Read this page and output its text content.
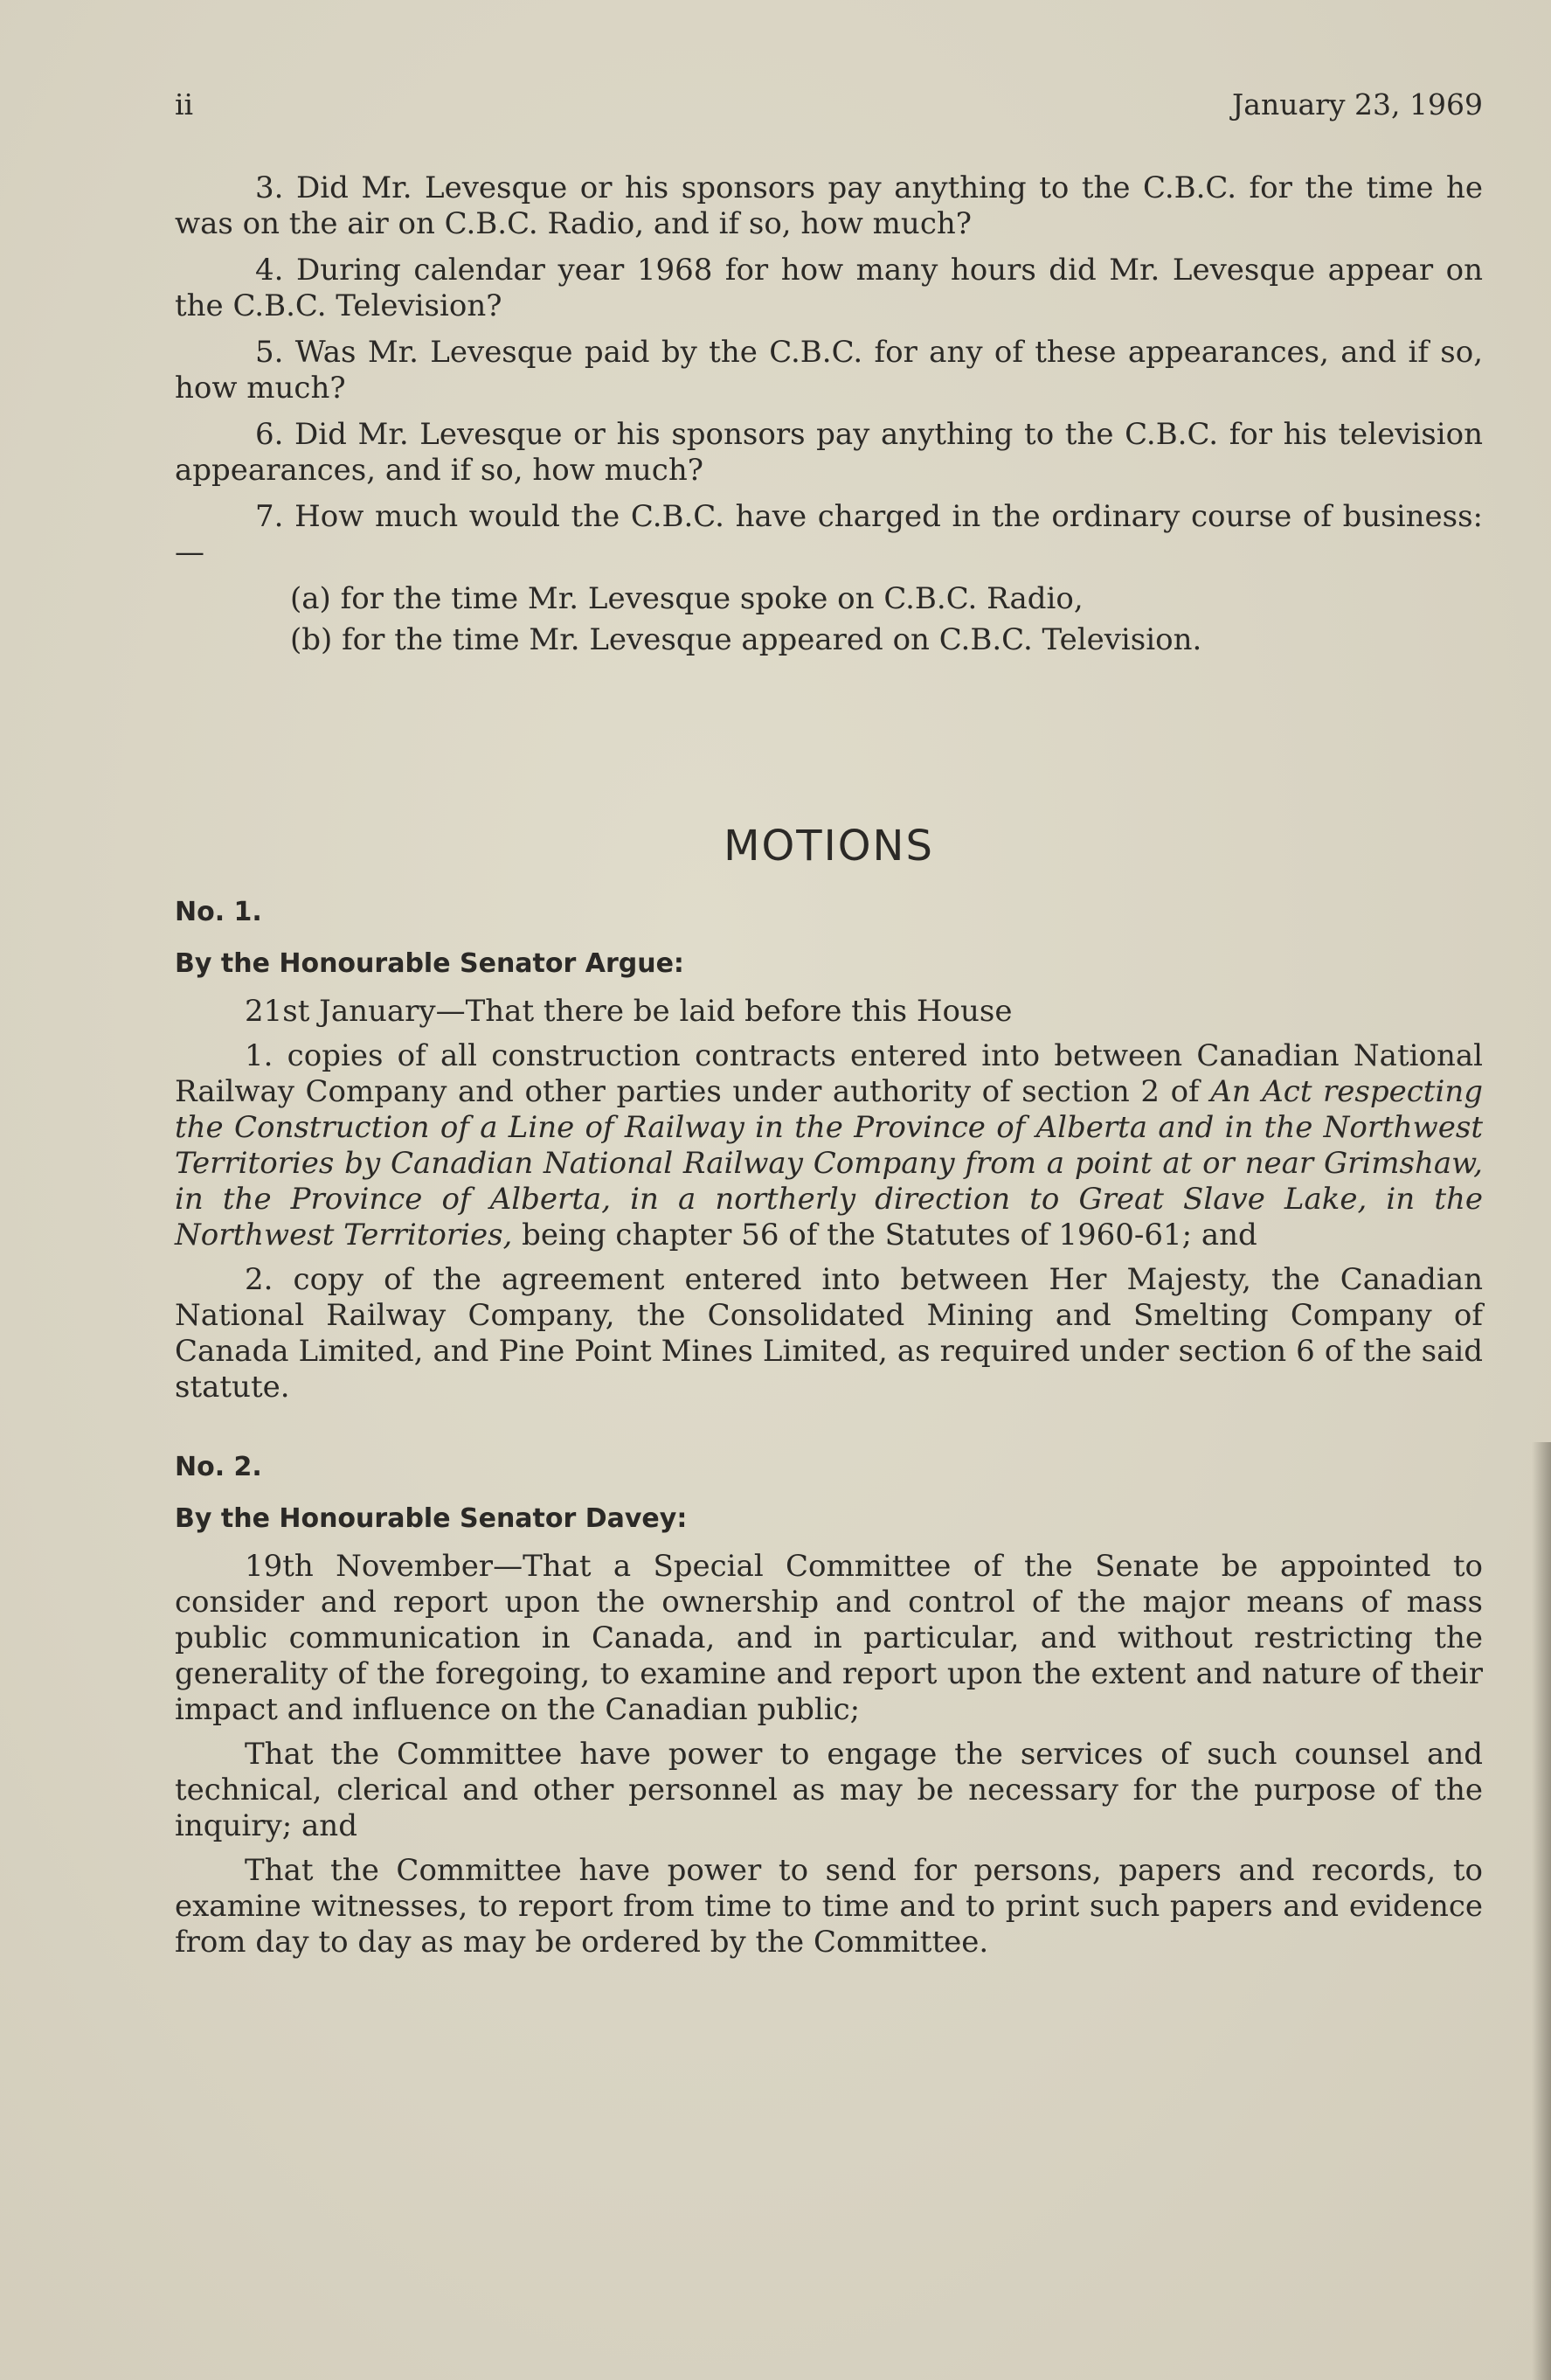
ii	January 23, 1969

3. Did Mr. Levesque or his sponsors pay anything to the C.B.C. for the time he was on the air on C.B.C. Radio, and if so, how much?

4. During calendar year 1968 for how many hours did Mr. Levesque appear on the C.B.C. Television?

5. Was Mr. Levesque paid by the C.B.C. for any of these appearances, and if so, how much?

6. Did Mr. Levesque or his sponsors pay anything to the C.B.C. for his television appearances, and if so, how much?

7. How much would the C.B.C. have charged in the ordinary course of business:—

(a) for the time Mr. Levesque spoke on C.B.C. Radio,

(b) for the time Mr. Levesque appeared on C.B.C. Television.

MOTIONS

No. 1.

By the Honourable Senator Argue:

21st January—That there be laid before this House

1. copies of all construction contracts entered into between Canadian National Railway Company and other parties under authority of section 2 of An Act respecting the Construction of a Line of Railway in the Province of Alberta and in the Northwest Territories by Canadian National Railway Company from a point at or near Grimshaw, in the Province of Alberta, in a northerly direction to Great Slave Lake, in the Northwest Territories, being chapter 56 of the Statutes of 1960-61; and

2. copy of the agreement entered into between Her Majesty, the Canadian National Railway Company, the Consolidated Mining and Smelting Company of Canada Limited, and Pine Point Mines Limited, as required under section 6 of the said statute.

No. 2.

By the Honourable Senator Davey:

19th November—That a Special Committee of the Senate be appointed to consider and report upon the ownership and control of the major means of mass public communication in Canada, and in particular, and without restricting the generality of the foregoing, to examine and report upon the extent and nature of their impact and influence on the Canadian public;

That the Committee have power to engage the services of such counsel and technical, clerical and other personnel as may be necessary for the purpose of the inquiry; and

That the Committee have power to send for persons, papers and records, to examine witnesses, to report from time to time and to print such papers and evidence from day to day as may be ordered by the Committee.
